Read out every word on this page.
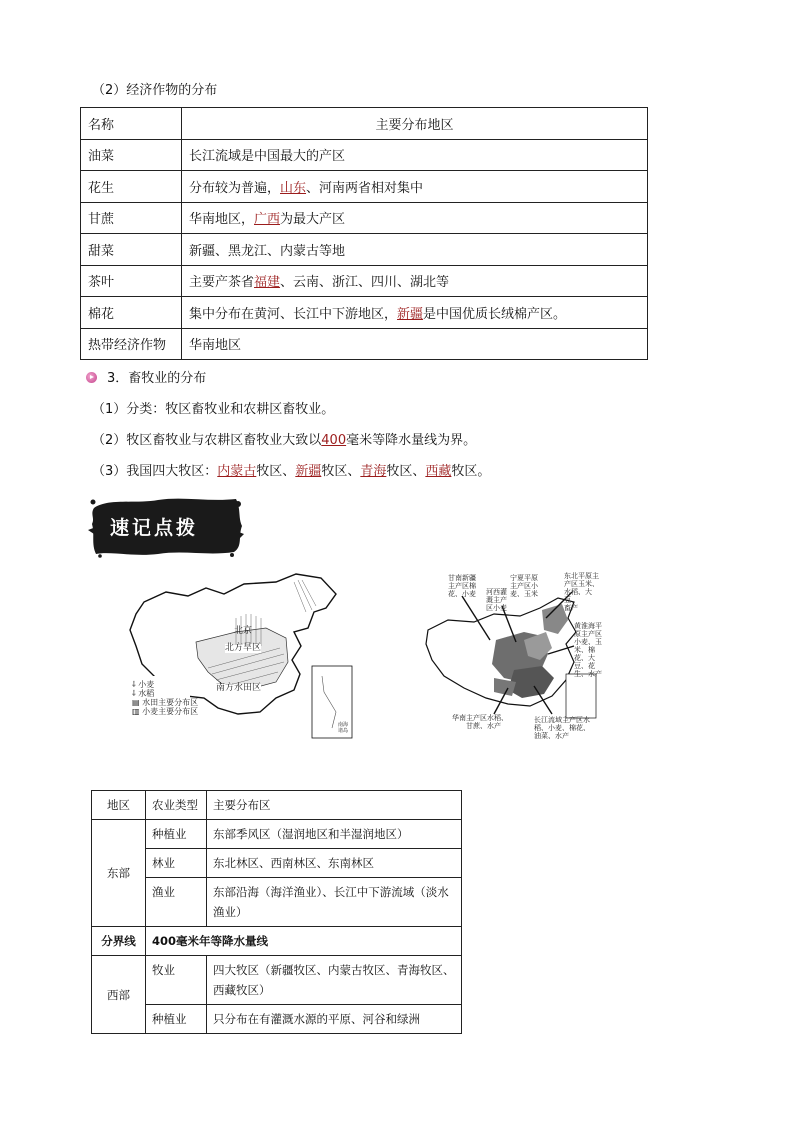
（2）经济作物的分布
名称	主要分布地区
油菜	长江流域是中国最大的产区
花生	分布较为普遍，山东、河南两省相对集中
甘蔗	华南地区，广西为最大产区
甜菜	新疆、黑龙江、内蒙古等地
茶叶	主要产茶省福建、云南、浙江、四川、湖北等
棉花	集中分布在黄河、长江中下游地区，新疆是中国优质长绒棉产区。
热带经济作物	华南地区
3．畜牧业的分布
（1）分类：牧区畜牧业和农耕区畜牧业。
（2）牧区畜牧业与农耕区畜牧业大致以400毫米等降水量线为界。
（3）我国四大牧区：内蒙古牧区、新疆牧区、青海牧区、西藏牧区。
速记点拨
北京
北方旱区
南方水田区
⸸ 小麦
⸸ 水稻
▤ 水田主要分布区
▥ 小麦主要分布区
南海诸岛
甘南新疆
主产区棉
花、小麦 河西灌
溉主产
区小麦
宁夏平原
主产区小
麦、玉米
东北平原主
产区玉米、
水稻、大
豆、
畜产
黄淮海平
原主产区
小麦、玉
米、棉
花、大
豆、花
生、水产
华南主产区水稻、
甘蔗、水产
长江流域主产区水
稻、小麦、棉花、
油菜、水产
地区	农业类型	主要分布区
东部	种植业	东部季风区（湿润地区和半湿润地区）
	林业	东北林区、西南林区、东南林区
	渔业	东部沿海（海洋渔业）、长江中下游流域（淡水渔业）
分界线	400毫米年等降水量线	
西部	牧业	四大牧区（新疆牧区、内蒙古牧区、青海牧区、西藏牧区）
	种植业	只分布在有灌溉水源的平原、河谷和绿洲
